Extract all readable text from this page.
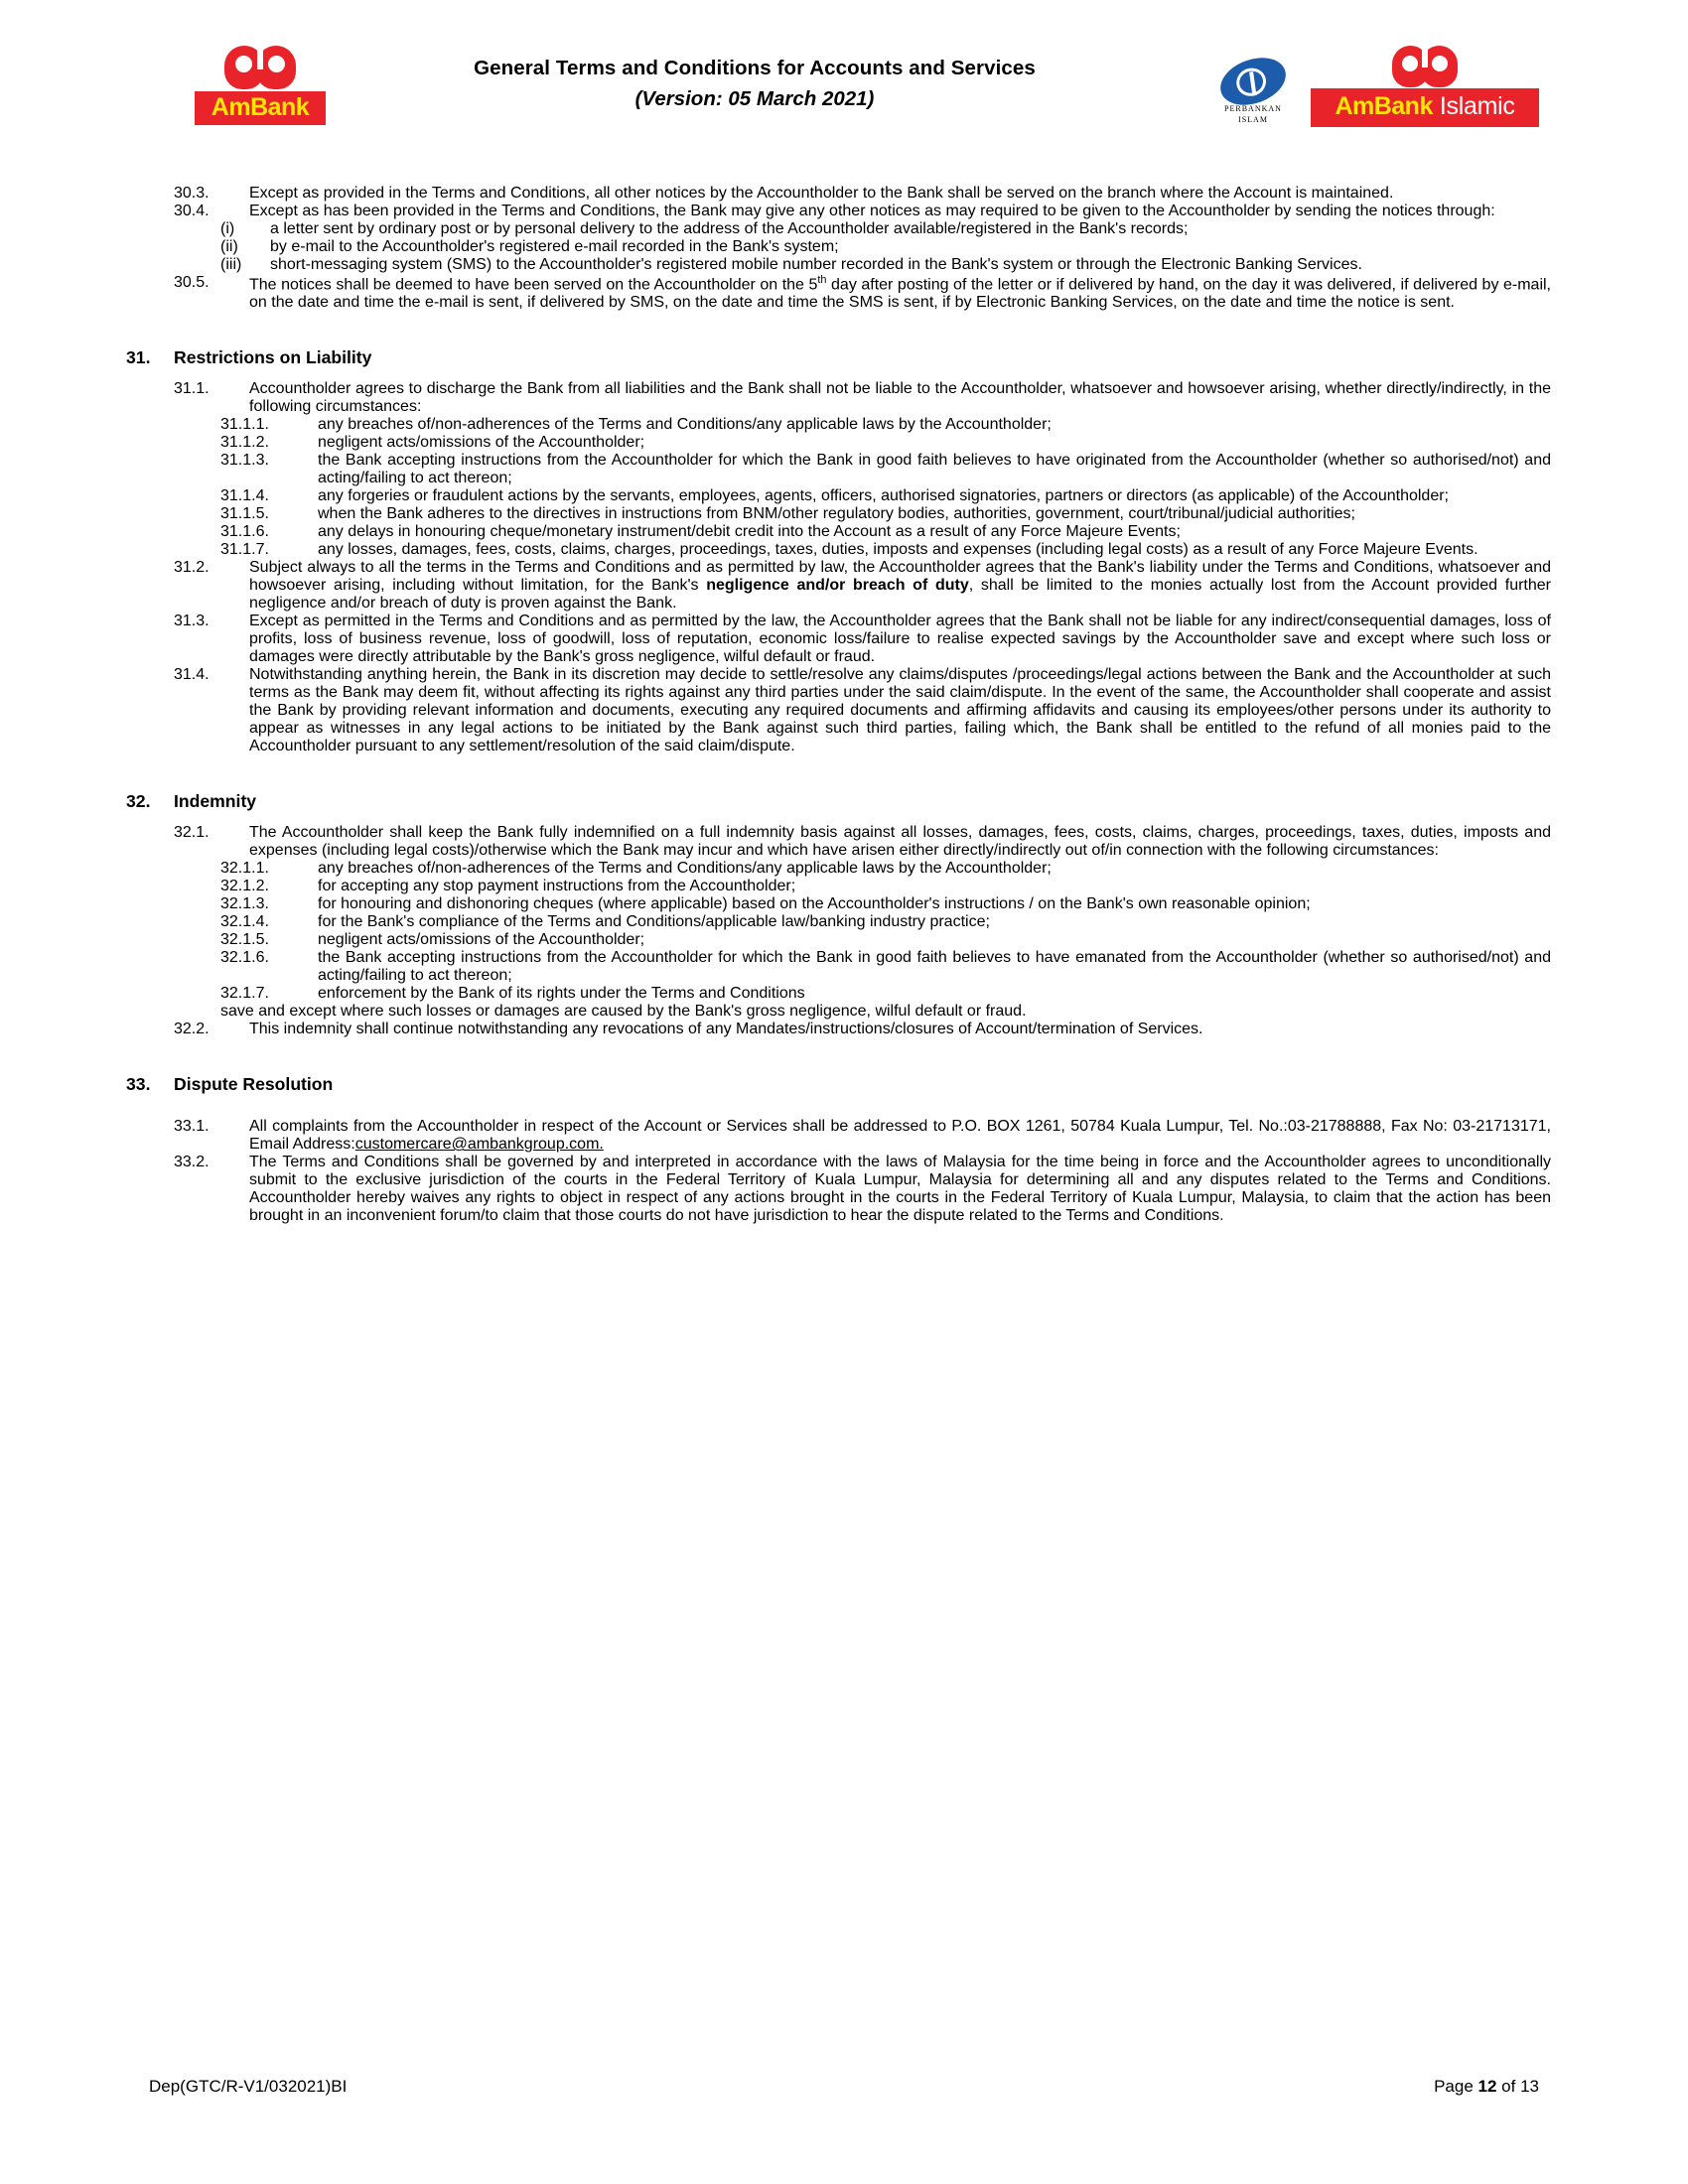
AmBank
General Terms and Conditions for Accounts and Services
(Version: 05 March 2021)	PERBANKAN
ISLAM	AmBank Islamic
30.3.	Except as provided in the Terms and Conditions, all other notices by the Accountholder to the Bank shall be served on the branch where the Account is maintained.
30.4.	Except as has been provided in the Terms and Conditions, the Bank may give any other notices as may required to be given to the Accountholder by sending the notices through:
(i)	a letter sent by ordinary post or by personal delivery to the address of the Accountholder available/registered in the Bank's records;
(ii)	by e-mail to the Accountholder's registered e-mail recorded in the Bank's system;
(iii)	short-messaging system (SMS) to the Accountholder's registered mobile number recorded in the Bank's system or through the Electronic Banking Services.
30.5.	The notices shall be deemed to have been served on the Accountholder on the 5th day after posting of the letter or if delivered by hand, on the day it was delivered, if delivered by e-mail, on the date and time the e-mail is sent, if delivered by SMS, on the date and time the SMS is sent, if by Electronic Banking Services, on the date and time the notice is sent.
31.	Restrictions on Liability
31.1.	Accountholder agrees to discharge the Bank from all liabilities and the Bank shall not be liable to the Accountholder, whatsoever and howsoever arising, whether directly/indirectly, in the following circumstances:
31.1.1.	any breaches of/non-adherences of the Terms and Conditions/any applicable laws by the Accountholder;
31.1.2.	negligent acts/omissions of the Accountholder;
31.1.3.	the Bank accepting instructions from the Accountholder for which the Bank in good faith believes to have originated from the Accountholder (whether so authorised/not) and acting/failing to act thereon;
31.1.4.	any forgeries or fraudulent actions by the servants, employees, agents, officers, authorised signatories, partners or directors (as applicable) of the Accountholder;
31.1.5.	when the Bank adheres to the directives in instructions from BNM/other regulatory bodies, authorities, government, court/tribunal/judicial authorities;
31.1.6.	any delays in honouring cheque/monetary instrument/debit credit into the Account as a result of any Force Majeure Events;
31.1.7.	any losses, damages, fees, costs, claims, charges, proceedings, taxes, duties, imposts and expenses (including legal costs) as a result of any Force Majeure Events.
31.2.	Subject always to all the terms in the Terms and Conditions and as permitted by law, the Accountholder agrees that the Bank's liability under the Terms and Conditions, whatsoever and howsoever arising, including without limitation, for the Bank's negligence and/or breach of duty, shall be limited to the monies actually lost from the Account provided further negligence and/or breach of duty is proven against the Bank.
31.3.	Except as permitted in the Terms and Conditions and as permitted by the law, the Accountholder agrees that the Bank shall not be liable for any indirect/consequential damages, loss of profits, loss of business revenue, loss of goodwill, loss of reputation, economic loss/failure to realise expected savings by the Accountholder save and except where such loss or damages were directly attributable by the Bank's gross negligence, wilful default or fraud.
31.4.	Notwithstanding anything herein, the Bank in its discretion may decide to settle/resolve any claims/disputes /proceedings/legal actions between the Bank and the Accountholder at such terms as the Bank may deem fit, without affecting its rights against any third parties under the said claim/dispute. In the event of the same, the Accountholder shall cooperate and assist the Bank by providing relevant information and documents, executing any required documents and affirming affidavits and causing its employees/other persons under its authority to appear as witnesses in any legal actions to be initiated by the Bank against such third parties, failing which, the Bank shall be entitled to the refund of all monies paid to the Accountholder pursuant to any settlement/resolution of the said claim/dispute.
32.	Indemnity
32.1.	The Accountholder shall keep the Bank fully indemnified on a full indemnity basis against all losses, damages, fees, costs, claims, charges, proceedings, taxes, duties, imposts and expenses (including legal costs)/otherwise which the Bank may incur and which have arisen either directly/indirectly out of/in connection with the following circumstances:
32.1.1.	any breaches of/non-adherences of the Terms and Conditions/any applicable laws by the Accountholder;
32.1.2.	for accepting any stop payment instructions from the Accountholder;
32.1.3.	for honouring and dishonoring cheques (where applicable) based on the Accountholder's instructions / on the Bank's own reasonable opinion;
32.1.4.	for the Bank's compliance of the Terms and Conditions/applicable law/banking industry practice;
32.1.5.	negligent acts/omissions of the Accountholder;
32.1.6.	the Bank accepting instructions from the Accountholder for which the Bank in good faith believes to have emanated from the Accountholder (whether so authorised/not) and acting/failing to act thereon;
32.1.7.	enforcement by the Bank of its rights under the Terms and Conditions
save and except where such losses or damages are caused by the Bank's gross negligence, wilful default or fraud.
32.2.	This indemnity shall continue notwithstanding any revocations of any Mandates/instructions/closures of Account/termination of Services.
33.	Dispute Resolution
33.1.	All complaints from the Accountholder in respect of the Account or Services shall be addressed to P.O. BOX 1261, 50784 Kuala Lumpur, Tel. No.:03-21788888, Fax No: 03-21713171, Email Address:customercare@ambankgroup.com.
33.2.	The Terms and Conditions shall be governed by and interpreted in accordance with the laws of Malaysia for the time being in force and the Accountholder agrees to unconditionally submit to the exclusive jurisdiction of the courts in the Federal Territory of Kuala Lumpur, Malaysia for determining all and any disputes related to the Terms and Conditions. Accountholder hereby waives any rights to object in respect of any actions brought in the courts in the Federal Territory of Kuala Lumpur, Malaysia, to claim that the action has been brought in an inconvenient forum/to claim that those courts do not have jurisdiction to hear the dispute related to the Terms and Conditions.
Dep(GTC/R-V1/032021)BI	Page 12 of 13
